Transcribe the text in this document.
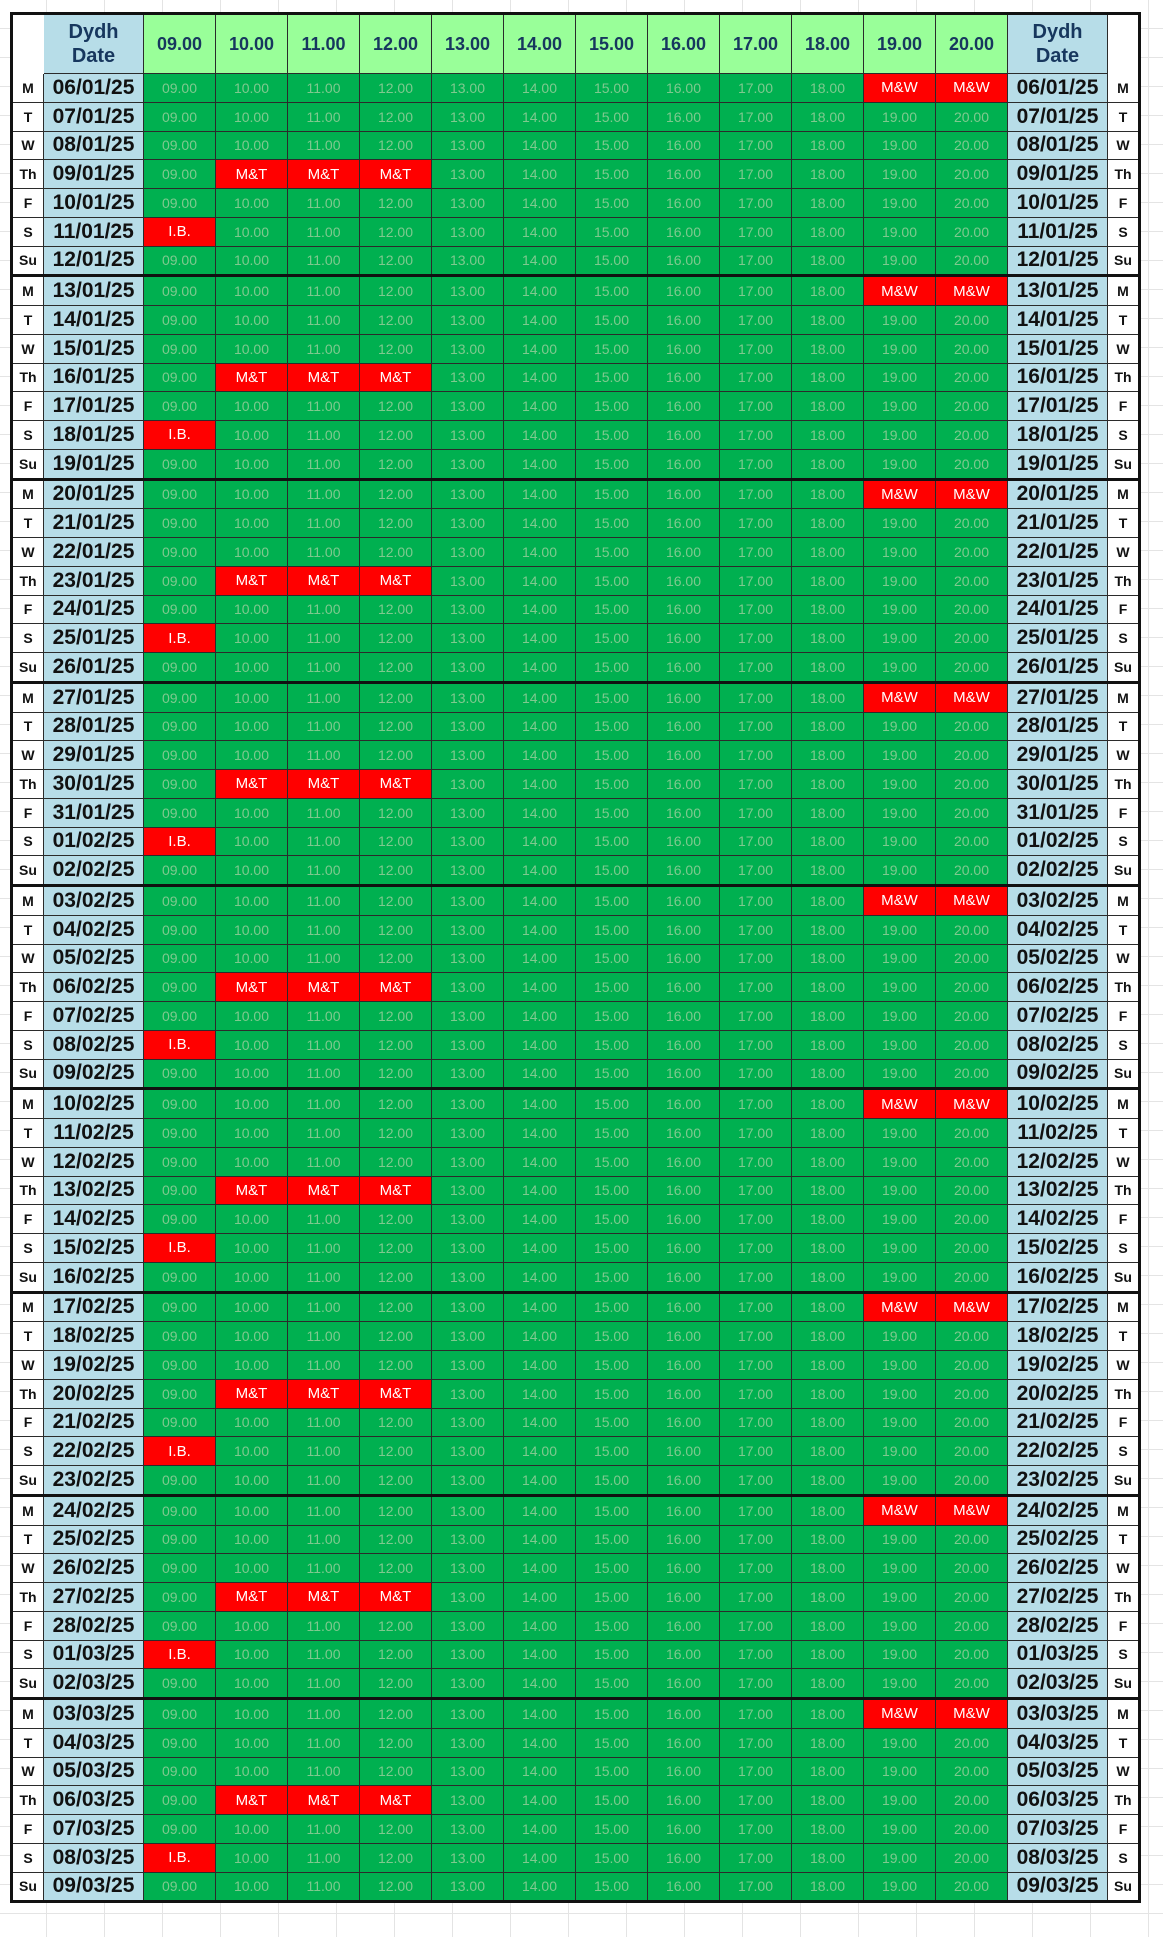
	Dydh
Date	09.00	10.00	11.00	12.00	13.00	14.00	15.00	16.00	17.00	18.00	19.00	20.00	Dydh
Date	
M	06/01/25	09.00	10.00	11.00	12.00	13.00	14.00	15.00	16.00	17.00	18.00	M&W	M&W	06/01/25	M
T	07/01/25	09.00	10.00	11.00	12.00	13.00	14.00	15.00	16.00	17.00	18.00	19.00	20.00	07/01/25	T
W	08/01/25	09.00	10.00	11.00	12.00	13.00	14.00	15.00	16.00	17.00	18.00	19.00	20.00	08/01/25	W
Th	09/01/25	09.00	M&T	M&T	M&T	13.00	14.00	15.00	16.00	17.00	18.00	19.00	20.00	09/01/25	Th
F	10/01/25	09.00	10.00	11.00	12.00	13.00	14.00	15.00	16.00	17.00	18.00	19.00	20.00	10/01/25	F
S	11/01/25	I.B.	10.00	11.00	12.00	13.00	14.00	15.00	16.00	17.00	18.00	19.00	20.00	11/01/25	S
Su	12/01/25	09.00	10.00	11.00	12.00	13.00	14.00	15.00	16.00	17.00	18.00	19.00	20.00	12/01/25	Su
M	13/01/25	09.00	10.00	11.00	12.00	13.00	14.00	15.00	16.00	17.00	18.00	M&W	M&W	13/01/25	M
T	14/01/25	09.00	10.00	11.00	12.00	13.00	14.00	15.00	16.00	17.00	18.00	19.00	20.00	14/01/25	T
W	15/01/25	09.00	10.00	11.00	12.00	13.00	14.00	15.00	16.00	17.00	18.00	19.00	20.00	15/01/25	W
Th	16/01/25	09.00	M&T	M&T	M&T	13.00	14.00	15.00	16.00	17.00	18.00	19.00	20.00	16/01/25	Th
F	17/01/25	09.00	10.00	11.00	12.00	13.00	14.00	15.00	16.00	17.00	18.00	19.00	20.00	17/01/25	F
S	18/01/25	I.B.	10.00	11.00	12.00	13.00	14.00	15.00	16.00	17.00	18.00	19.00	20.00	18/01/25	S
Su	19/01/25	09.00	10.00	11.00	12.00	13.00	14.00	15.00	16.00	17.00	18.00	19.00	20.00	19/01/25	Su
M	20/01/25	09.00	10.00	11.00	12.00	13.00	14.00	15.00	16.00	17.00	18.00	M&W	M&W	20/01/25	M
T	21/01/25	09.00	10.00	11.00	12.00	13.00	14.00	15.00	16.00	17.00	18.00	19.00	20.00	21/01/25	T
W	22/01/25	09.00	10.00	11.00	12.00	13.00	14.00	15.00	16.00	17.00	18.00	19.00	20.00	22/01/25	W
Th	23/01/25	09.00	M&T	M&T	M&T	13.00	14.00	15.00	16.00	17.00	18.00	19.00	20.00	23/01/25	Th
F	24/01/25	09.00	10.00	11.00	12.00	13.00	14.00	15.00	16.00	17.00	18.00	19.00	20.00	24/01/25	F
S	25/01/25	I.B.	10.00	11.00	12.00	13.00	14.00	15.00	16.00	17.00	18.00	19.00	20.00	25/01/25	S
Su	26/01/25	09.00	10.00	11.00	12.00	13.00	14.00	15.00	16.00	17.00	18.00	19.00	20.00	26/01/25	Su
M	27/01/25	09.00	10.00	11.00	12.00	13.00	14.00	15.00	16.00	17.00	18.00	M&W	M&W	27/01/25	M
T	28/01/25	09.00	10.00	11.00	12.00	13.00	14.00	15.00	16.00	17.00	18.00	19.00	20.00	28/01/25	T
W	29/01/25	09.00	10.00	11.00	12.00	13.00	14.00	15.00	16.00	17.00	18.00	19.00	20.00	29/01/25	W
Th	30/01/25	09.00	M&T	M&T	M&T	13.00	14.00	15.00	16.00	17.00	18.00	19.00	20.00	30/01/25	Th
F	31/01/25	09.00	10.00	11.00	12.00	13.00	14.00	15.00	16.00	17.00	18.00	19.00	20.00	31/01/25	F
S	01/02/25	I.B.	10.00	11.00	12.00	13.00	14.00	15.00	16.00	17.00	18.00	19.00	20.00	01/02/25	S
Su	02/02/25	09.00	10.00	11.00	12.00	13.00	14.00	15.00	16.00	17.00	18.00	19.00	20.00	02/02/25	Su
M	03/02/25	09.00	10.00	11.00	12.00	13.00	14.00	15.00	16.00	17.00	18.00	M&W	M&W	03/02/25	M
T	04/02/25	09.00	10.00	11.00	12.00	13.00	14.00	15.00	16.00	17.00	18.00	19.00	20.00	04/02/25	T
W	05/02/25	09.00	10.00	11.00	12.00	13.00	14.00	15.00	16.00	17.00	18.00	19.00	20.00	05/02/25	W
Th	06/02/25	09.00	M&T	M&T	M&T	13.00	14.00	15.00	16.00	17.00	18.00	19.00	20.00	06/02/25	Th
F	07/02/25	09.00	10.00	11.00	12.00	13.00	14.00	15.00	16.00	17.00	18.00	19.00	20.00	07/02/25	F
S	08/02/25	I.B.	10.00	11.00	12.00	13.00	14.00	15.00	16.00	17.00	18.00	19.00	20.00	08/02/25	S
Su	09/02/25	09.00	10.00	11.00	12.00	13.00	14.00	15.00	16.00	17.00	18.00	19.00	20.00	09/02/25	Su
M	10/02/25	09.00	10.00	11.00	12.00	13.00	14.00	15.00	16.00	17.00	18.00	M&W	M&W	10/02/25	M
T	11/02/25	09.00	10.00	11.00	12.00	13.00	14.00	15.00	16.00	17.00	18.00	19.00	20.00	11/02/25	T
W	12/02/25	09.00	10.00	11.00	12.00	13.00	14.00	15.00	16.00	17.00	18.00	19.00	20.00	12/02/25	W
Th	13/02/25	09.00	M&T	M&T	M&T	13.00	14.00	15.00	16.00	17.00	18.00	19.00	20.00	13/02/25	Th
F	14/02/25	09.00	10.00	11.00	12.00	13.00	14.00	15.00	16.00	17.00	18.00	19.00	20.00	14/02/25	F
S	15/02/25	I.B.	10.00	11.00	12.00	13.00	14.00	15.00	16.00	17.00	18.00	19.00	20.00	15/02/25	S
Su	16/02/25	09.00	10.00	11.00	12.00	13.00	14.00	15.00	16.00	17.00	18.00	19.00	20.00	16/02/25	Su
M	17/02/25	09.00	10.00	11.00	12.00	13.00	14.00	15.00	16.00	17.00	18.00	M&W	M&W	17/02/25	M
T	18/02/25	09.00	10.00	11.00	12.00	13.00	14.00	15.00	16.00	17.00	18.00	19.00	20.00	18/02/25	T
W	19/02/25	09.00	10.00	11.00	12.00	13.00	14.00	15.00	16.00	17.00	18.00	19.00	20.00	19/02/25	W
Th	20/02/25	09.00	M&T	M&T	M&T	13.00	14.00	15.00	16.00	17.00	18.00	19.00	20.00	20/02/25	Th
F	21/02/25	09.00	10.00	11.00	12.00	13.00	14.00	15.00	16.00	17.00	18.00	19.00	20.00	21/02/25	F
S	22/02/25	I.B.	10.00	11.00	12.00	13.00	14.00	15.00	16.00	17.00	18.00	19.00	20.00	22/02/25	S
Su	23/02/25	09.00	10.00	11.00	12.00	13.00	14.00	15.00	16.00	17.00	18.00	19.00	20.00	23/02/25	Su
M	24/02/25	09.00	10.00	11.00	12.00	13.00	14.00	15.00	16.00	17.00	18.00	M&W	M&W	24/02/25	M
T	25/02/25	09.00	10.00	11.00	12.00	13.00	14.00	15.00	16.00	17.00	18.00	19.00	20.00	25/02/25	T
W	26/02/25	09.00	10.00	11.00	12.00	13.00	14.00	15.00	16.00	17.00	18.00	19.00	20.00	26/02/25	W
Th	27/02/25	09.00	M&T	M&T	M&T	13.00	14.00	15.00	16.00	17.00	18.00	19.00	20.00	27/02/25	Th
F	28/02/25	09.00	10.00	11.00	12.00	13.00	14.00	15.00	16.00	17.00	18.00	19.00	20.00	28/02/25	F
S	01/03/25	I.B.	10.00	11.00	12.00	13.00	14.00	15.00	16.00	17.00	18.00	19.00	20.00	01/03/25	S
Su	02/03/25	09.00	10.00	11.00	12.00	13.00	14.00	15.00	16.00	17.00	18.00	19.00	20.00	02/03/25	Su
M	03/03/25	09.00	10.00	11.00	12.00	13.00	14.00	15.00	16.00	17.00	18.00	M&W	M&W	03/03/25	M
T	04/03/25	09.00	10.00	11.00	12.00	13.00	14.00	15.00	16.00	17.00	18.00	19.00	20.00	04/03/25	T
W	05/03/25	09.00	10.00	11.00	12.00	13.00	14.00	15.00	16.00	17.00	18.00	19.00	20.00	05/03/25	W
Th	06/03/25	09.00	M&T	M&T	M&T	13.00	14.00	15.00	16.00	17.00	18.00	19.00	20.00	06/03/25	Th
F	07/03/25	09.00	10.00	11.00	12.00	13.00	14.00	15.00	16.00	17.00	18.00	19.00	20.00	07/03/25	F
S	08/03/25	I.B.	10.00	11.00	12.00	13.00	14.00	15.00	16.00	17.00	18.00	19.00	20.00	08/03/25	S
Su	09/03/25	09.00	10.00	11.00	12.00	13.00	14.00	15.00	16.00	17.00	18.00	19.00	20.00	09/03/25	Su
